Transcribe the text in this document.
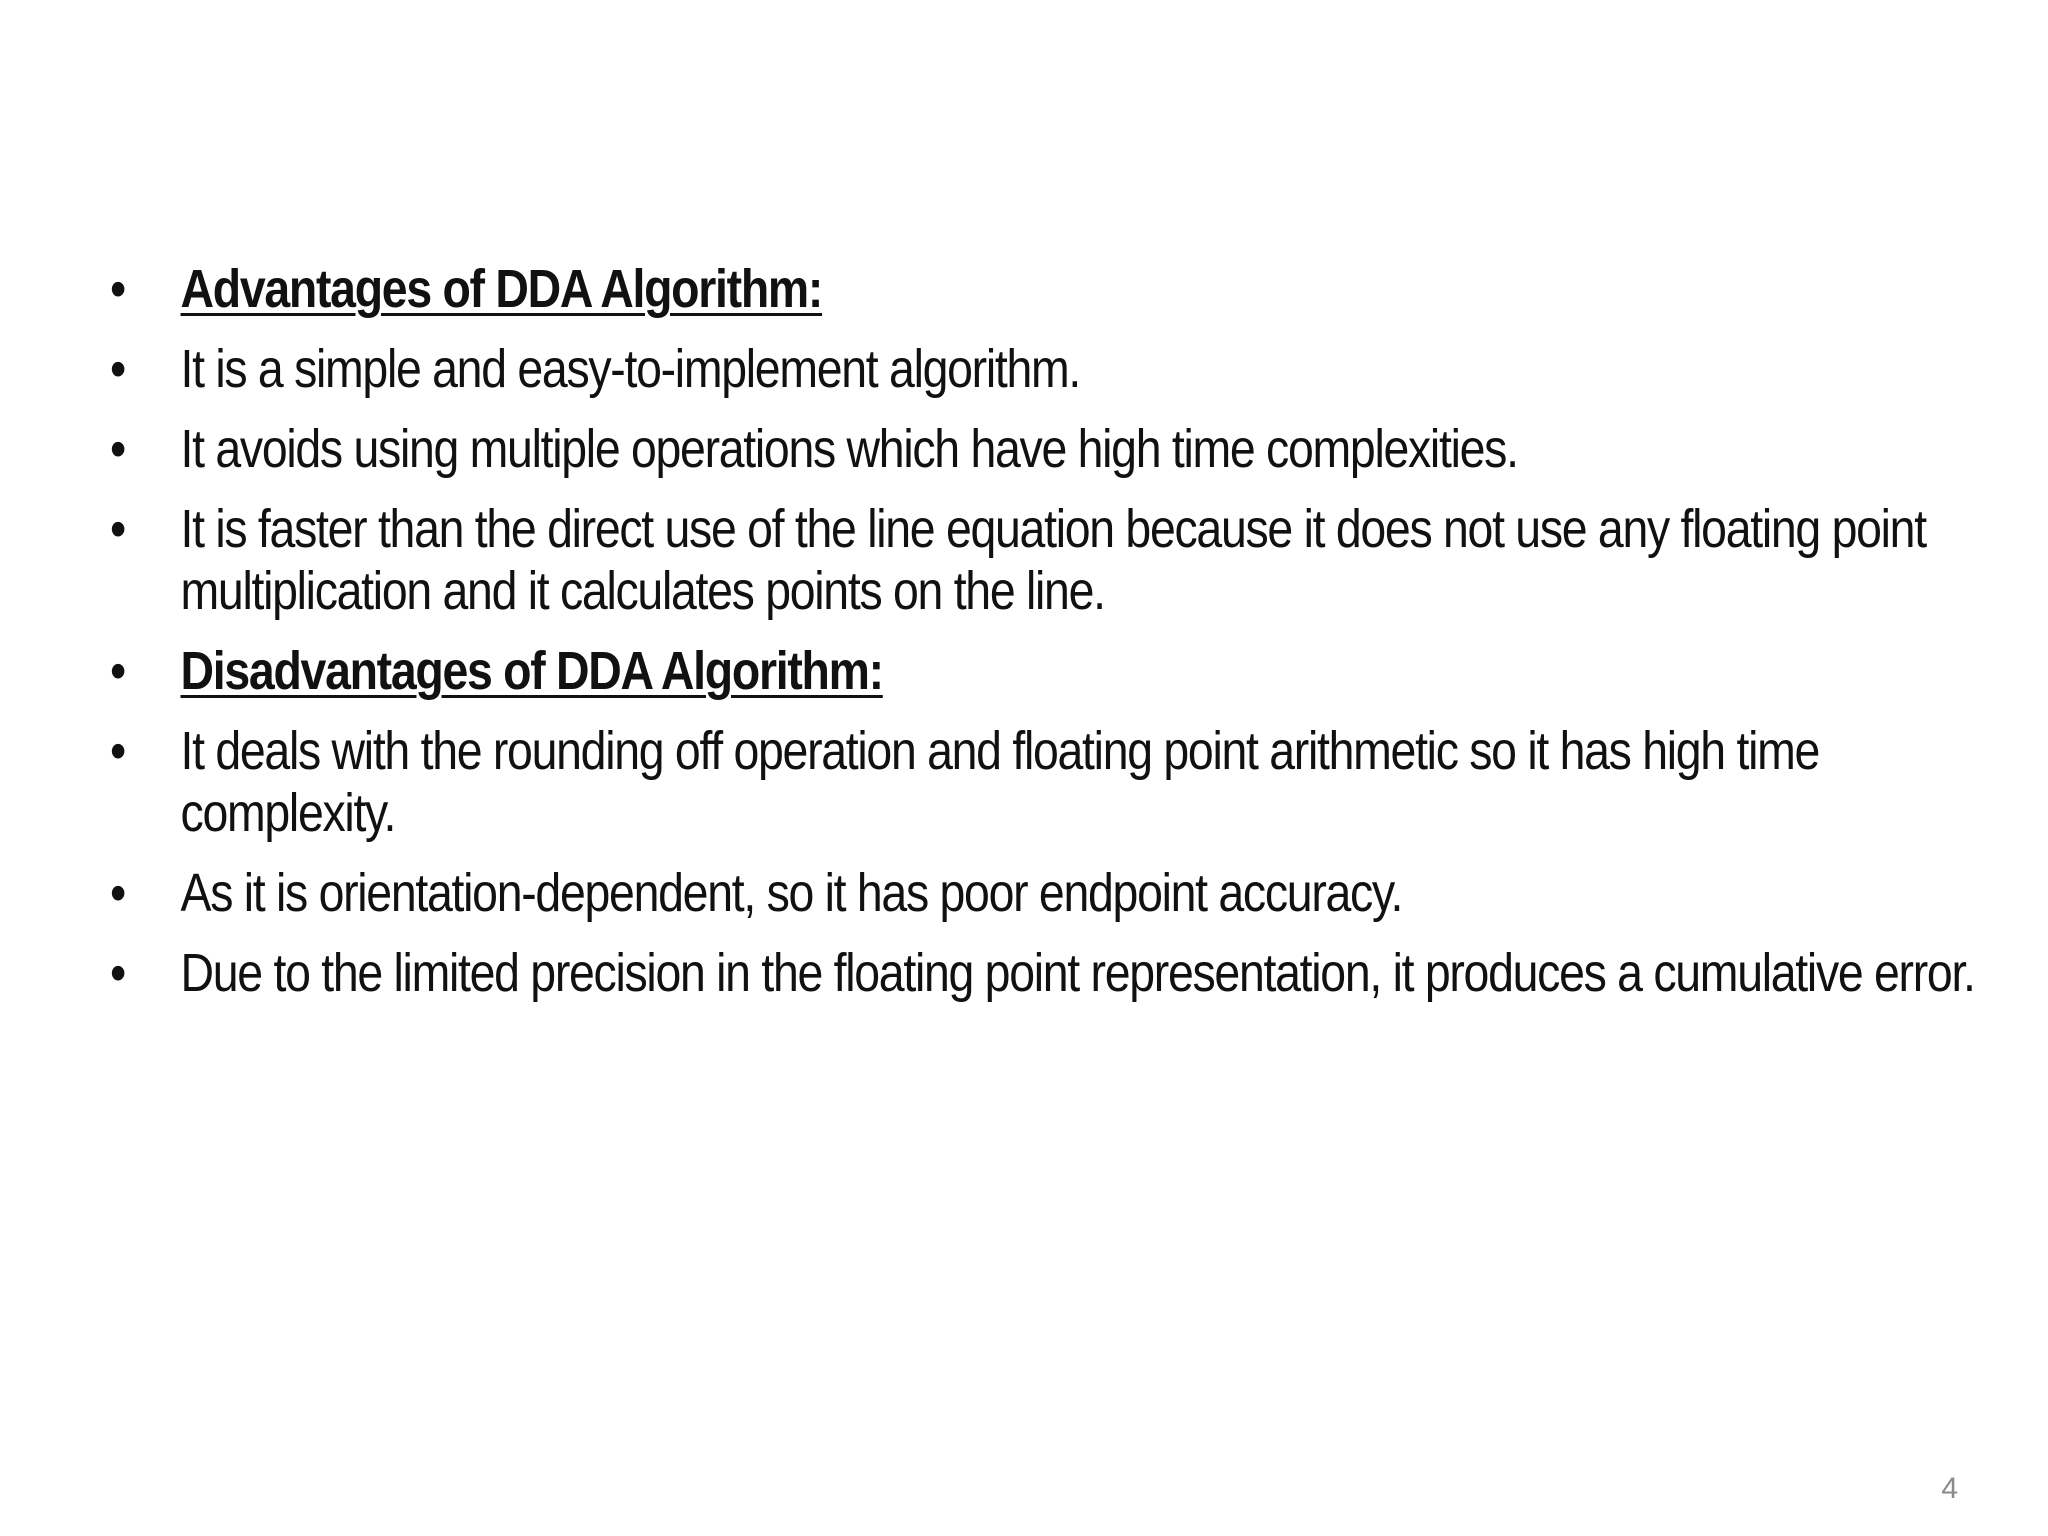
•	Advantages of DDA Algorithm:
•	It is a simple and easy-to-implement algorithm.
•	It avoids using multiple operations which have high time complexities.
•	It is faster than the direct use of the line equation because it does not use any floating point multiplication and it calculates points on the line.
•	Disadvantages of DDA Algorithm:
•	It deals with the rounding off operation and floating point arithmetic so it has high time complexity.
•	As it is orientation-dependent, so it has poor endpoint accuracy.
•	Due to the limited precision in the floating point representation, it produces a cumulative error.
4
